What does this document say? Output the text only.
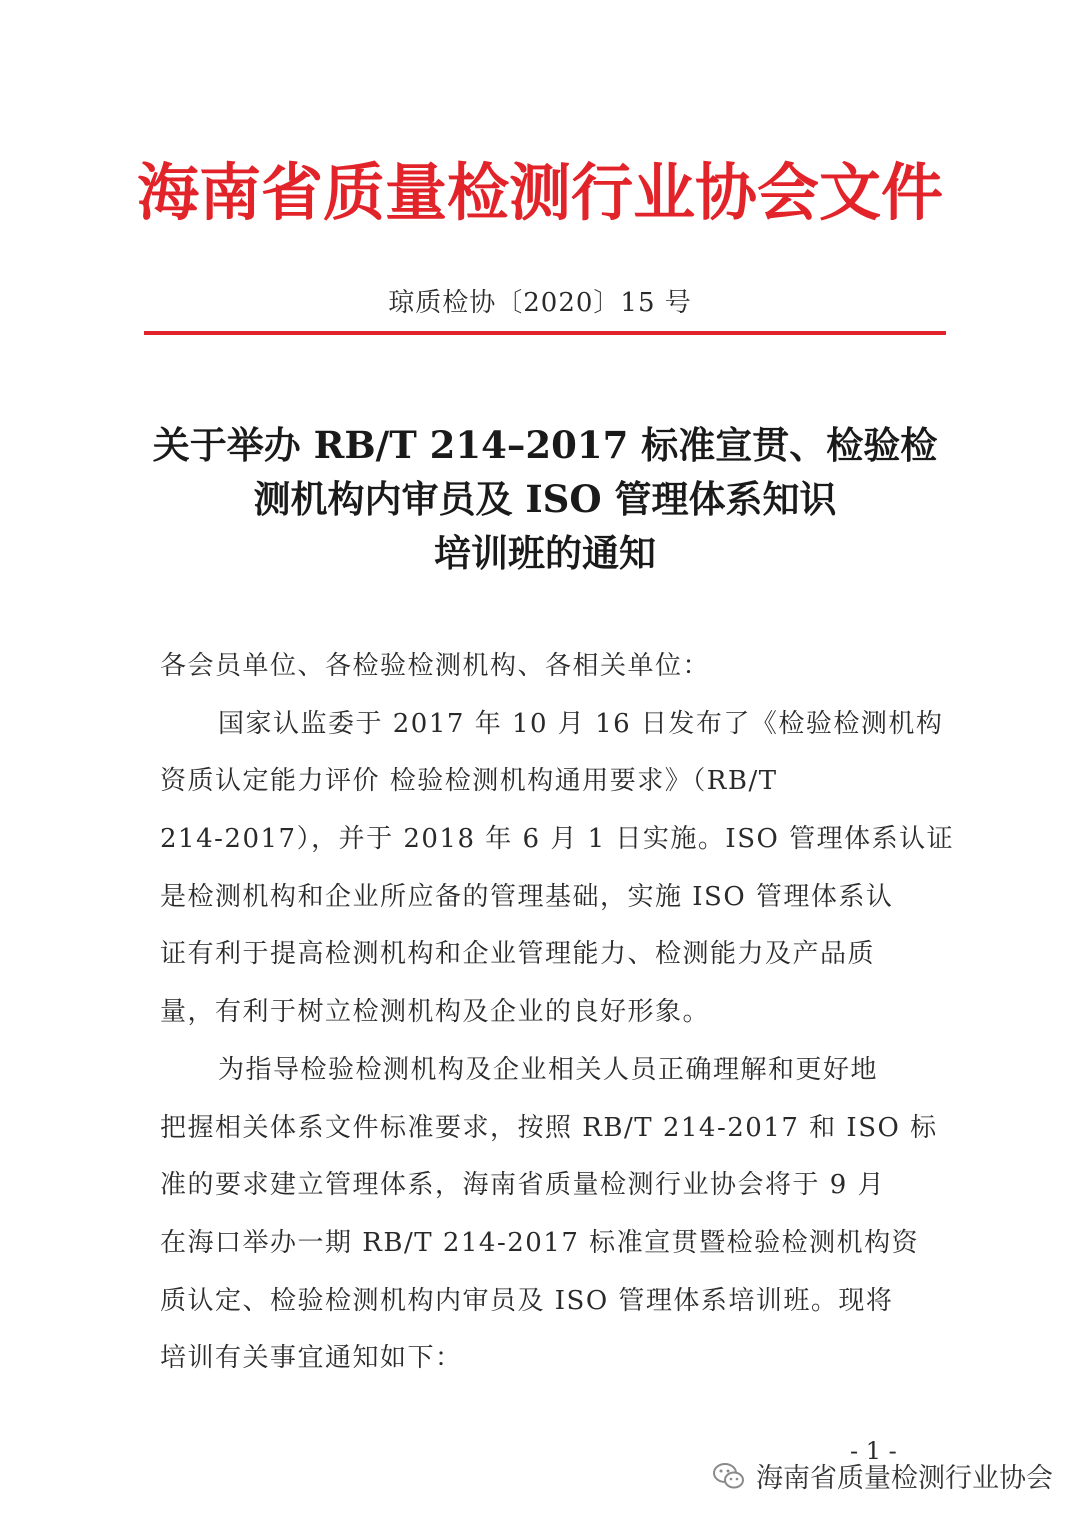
海南省质量检测行业协会文件
琼质检协〔2020〕15 号
关于举办 RB/T 214–2017 标准宣贯、检验检
测机构内审员及 ISO 管理体系知识
培训班的通知
各会员单位、各检验检测机构、各相关单位：
国家认监委于 2017 年 10 月 16 日发布了《检验检测机构
资质认定能力评价 检验检测机构通用要求》（RB/T
214-2017），并于 2018 年 6 月 1 日实施。ISO 管理体系认证
是检测机构和企业所应备的管理基础，实施 ISO 管理体系认
证有利于提高检测机构和企业管理能力、检测能力及产品质
量，有利于树立检测机构及企业的良好形象。
为指导检验检测机构及企业相关人员正确理解和更好地
把握相关体系文件标准要求，按照 RB/T 214-2017 和 ISO 标
准的要求建立管理体系，海南省质量检测行业协会将于 9 月
在海口举办一期 RB/T 214-2017 标准宣贯暨检验检测机构资
质认定、检验检测机构内审员及 ISO 管理体系培训班。现将
培训有关事宜通知如下：
- 1 -
海南省质量检测行业协会
